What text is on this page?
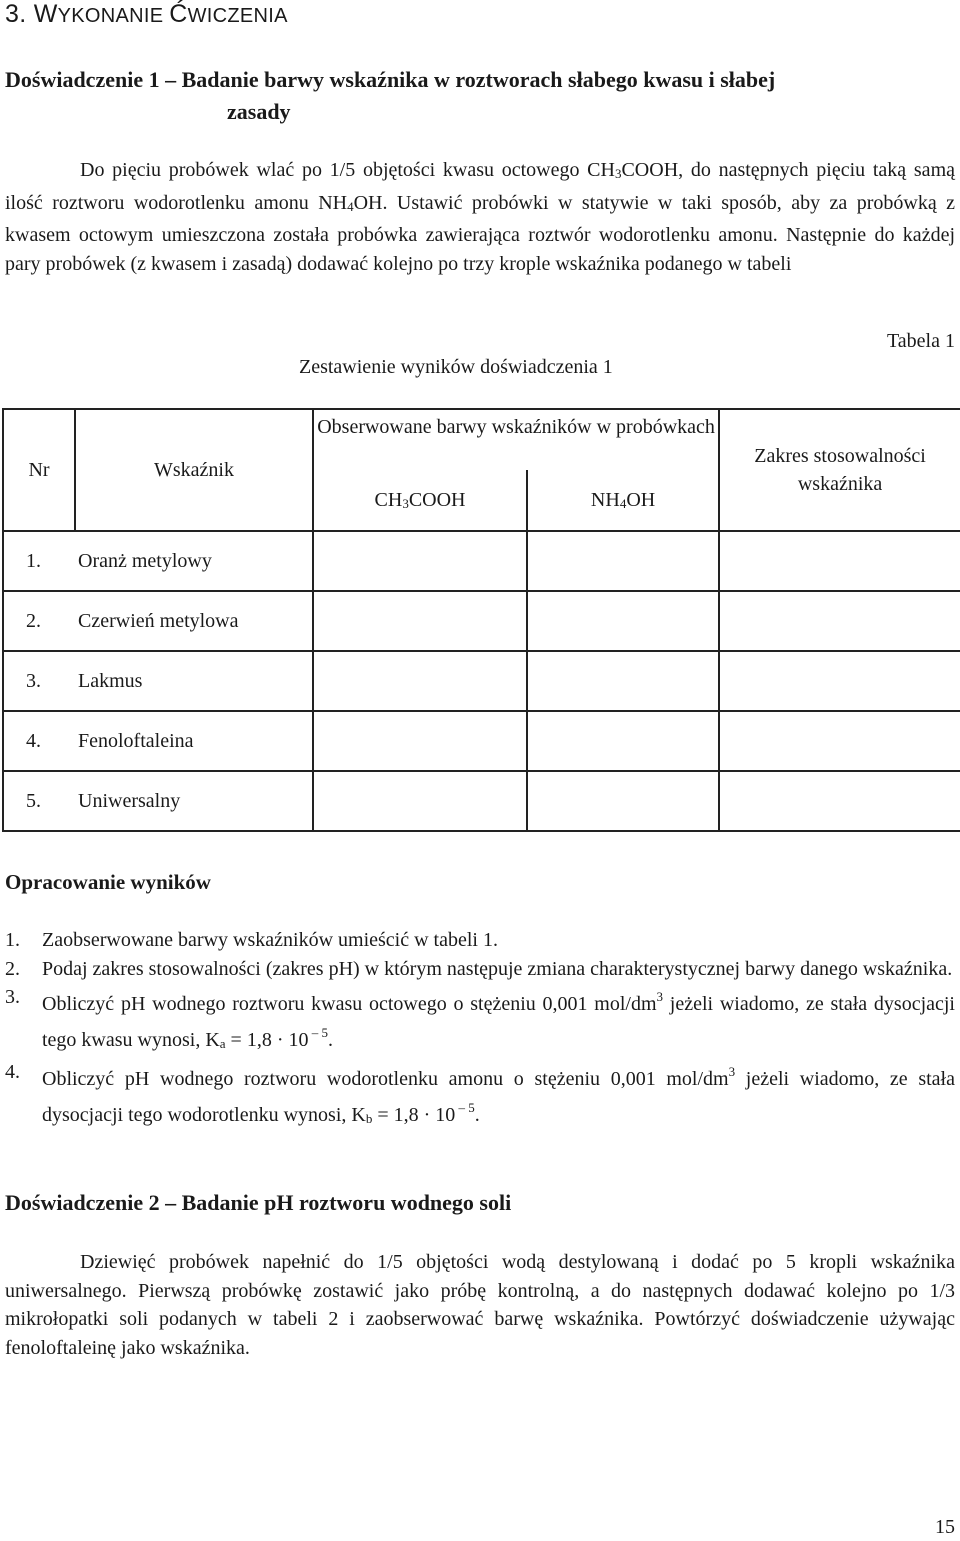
3. WYKONANIE ĆWICZENIA
Doświadczenie 1 – Badanie barwy wskaźnika w roztworach słabego kwasu i słabej
zasady
Do pięciu probówek wlać po 1/5 objętości kwasu octowego CH3COOH, do następnych pięciu taką samą ilość roztworu wodorotlenku amonu NH4OH. Ustawić probówki w statywie w taki sposób, aby za probówką z kwasem octowym umieszczona została probówka zawierająca roztwór wodorotlenku amonu. Następnie do każdej pary probówek (z kwasem i zasadą) dodawać kolejno po trzy krople wskaźnika podanego w tabeli
Tabela 1
Zestawienie wyników doświadczenia 1
Nr	Wskaźnik	Obserwowane barwy wskaźników w probówkach		Zakres stosowalności wskaźnika
		CH3COOH	NH4OH	
1.	Oranż metylowy			
2.	Czerwień metylowa			
3.	Lakmus			
4.	Fenoloftaleina			
5.	Uniwersalny			
Opracowanie wyników
1.	Zaobserwowane barwy wskaźników umieścić w tabeli 1.
2.	Podaj zakres stosowalności (zakres pH) w którym następuje zmiana charakterystycznej barwy danego wskaźnika.
3.	Obliczyć pH wodnego roztworu kwasu octowego o stężeniu 0,001 mol/$dm^3$ jeżeli wiadomo, ze stała dysocjacji tego kwasu wynosi, Ka = 1,8 · 10 $^{- 5}$.
4.	Obliczyć pH wodnego roztworu wodorotlenku amonu o stężeniu 0,001 mol/$dm^3$ jeżeli wiadomo, ze stała dysocjacji tego wodorotlenku wynosi, Kb = 1,8 · 10 $^{- 5}$.
Doświadczenie 2 – Badanie pH roztworu wodnego soli
Dziewięć probówek napełnić do 1/5 objętości wodą destylowaną i dodać po 5 kropli wskaźnika uniwersalnego. Pierwszą probówkę zostawić jako próbę kontrolną, a do następnych dodawać kolejno po 1/3 mikrołopatki soli podanych w tabeli 2 i zaobserwować barwę wskaźnika. Powtórzyć doświadczenie używając fenoloftaleinę jako wskaźnika.
15
